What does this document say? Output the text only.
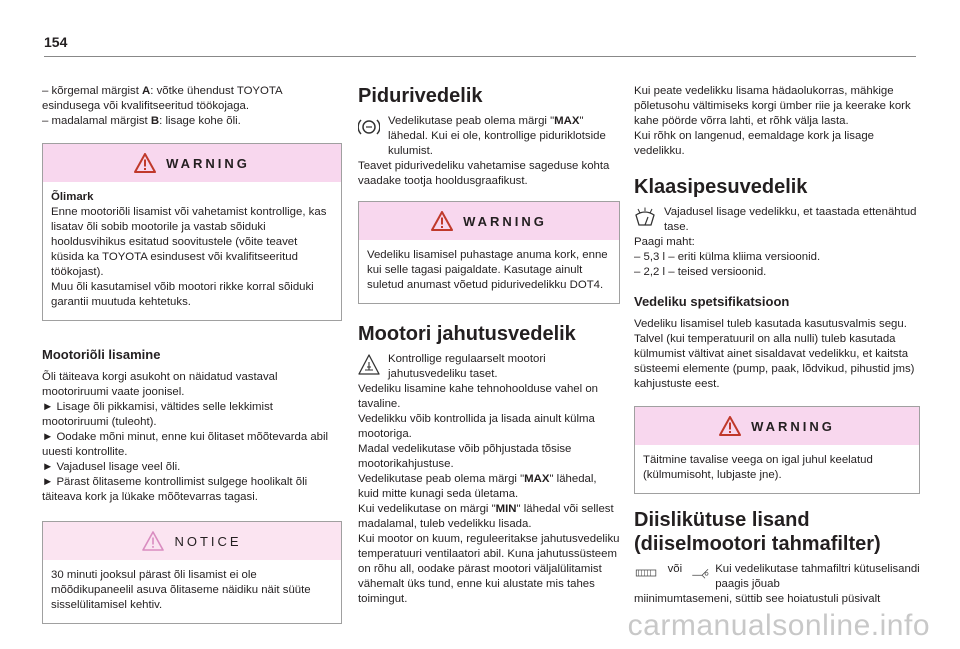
154

– kõrgemal märgist A: võtke ühendust TOYOTA esindusega või kvalifitseeritud töökojaga.

– madalamal märgist B: lisage kohe õli.

WARNING

Õlimark

Enne mootoriõli lisamist või vahetamist kontrollige, kas lisatav õli sobib mootorile ja vastab sõiduki hooldusvihikus esitatud soovitustele (võite teavet küsida ka TOYOTA esindusest või kvalifitseeritud töökojast).
Muu õli kasutamisel võib mootori rikke korral sõiduki garantii muutuda kehtetuks.

Mootoriõli lisamine

Õli täiteava korgi asukoht on näidatud vastaval mootoriruumi vaate joonisel.
► Lisage õli pikkamisi, vältides selle lekkimist mootoriruumi (tuleoht).
► Oodake mõni minut, enne kui õlitaset mõõtevarda abil uuesti kontrollite.
► Vajadusel lisage veel õli.
► Pärast õlitaseme kontrollimist sulgege hoolikalt õli täiteava kork ja lükake mõõtevarras tagasi.

NOTICE

30 minuti jooksul pärast õli lisamist ei ole mõõdikupaneelil asuva õlitaseme näidiku näit süüte sisselülitamisel kehtiv.

Pidurivedelik

Vedelikutase peab olema märgi "MAX" lähedal. Kui ei ole, kontrollige piduriklotside kulumist.

Teavet pidurivedeliku vahetamise sageduse kohta vaadake tootja hooldusgraafikust.

WARNING

Vedeliku lisamisel puhastage anuma kork, enne kui selle tagasi paigaldate. Kasutage ainult suletud anumast võetud pidurivedelikku DOT4.

Mootori jahutusvedelik

Kontrollige regulaarselt mootori jahutusvedeliku taset.

Vedeliku lisamine kahe tehnohoolduse vahel on tavaline.
Vedelikku võib kontrollida ja lisada ainult külma mootoriga.
Madal vedelikutase võib põhjustada tõsise mootorikahjustuse.
Vedelikutase peab olema märgi "MAX" lähedal, kuid mitte kunagi seda ületama.
Kui vedelikutase on märgi "MIN" lähedal või sellest madalamal, tuleb vedelikku lisada.
Kui mootor on kuum, reguleeritakse jahutusvedeliku temperatuuri ventilaatori abil. Kuna jahutussüsteem on rõhu all, oodake pärast mootori väljalülitamist vähemalt üks tund, enne kui alustate mis tahes toimingut.

Kui peate vedelikku lisama hädaolukorras, mähkige põletusohu vältimiseks korgi ümber riie ja keerake kork kahe pöörde võrra lahti, et rõhk välja lasta.
Kui rõhk on langenud, eemaldage kork ja lisage vedelikku.

Klaasipesuvedelik

Vajadusel lisage vedelikku, et taastada ettenähtud tase.

Paagi maht:
– 5,3 l – eriti külma kliima versioonid.
– 2,2 l – teised versioonid.

Vedeliku spetsifikatsioon

Vedeliku lisamisel tuleb kasutada kasutusvalmis segu.
Talvel (kui temperatuuril on alla nulli) tuleb kasutada külmumist vältivat ainet sisaldavat vedelikku, et kaitsta süsteemi elemente (pump, paak, lõdvikud, pihustid jms) kahjustuste eest.

WARNING

Täitmine tavalise veega on igal juhul keelatud (külmumisoht, lubjaste jne).

Diislikütuse lisand (diiselmootori tahmafilter)
või	Kui vedelikutase tahmafiltri kütuselisandi paagis jõuab

miinimumtasemeni, süttib see hoiatustuli püsivalt

carmanualsonline.info
